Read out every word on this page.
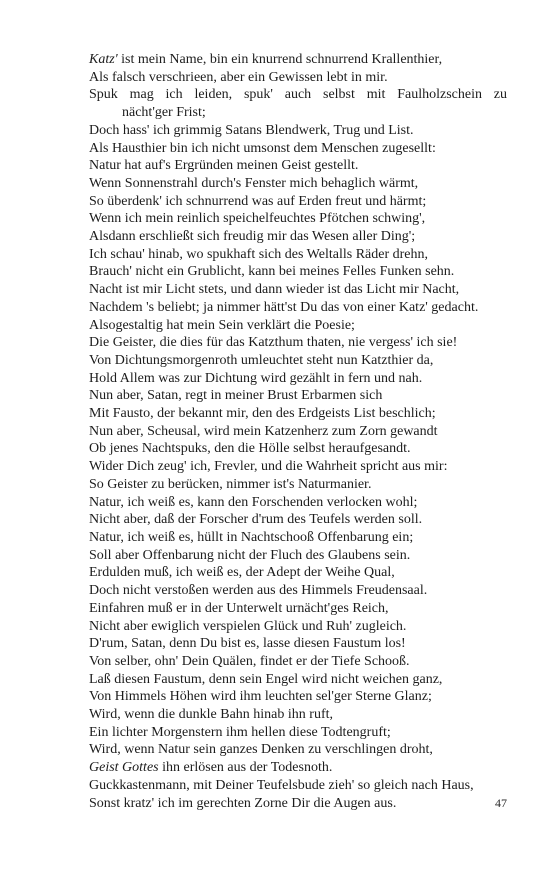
Katz' ist mein Name, bin ein knurrend schnurrend Krallenthier,
Als falsch verschrieen, aber ein Gewissen lebt in mir.
Spuk mag ich leiden, spuk' auch selbst mit Faulholzschein zu
nächt'ger Frist;
Doch hass' ich grimmig Satans Blendwerk, Trug und List.
Als Hausthier bin ich nicht umsonst dem Menschen zugesellt:
Natur hat auf's Ergründen meinen Geist gestellt.
Wenn Sonnenstrahl durch's Fenster mich behaglich wärmt,
So überdenk' ich schnurrend was auf Erden freut und härmt;
Wenn ich mein reinlich speichelfeuchtes Pfötchen schwing',
Alsdann erschließt sich freudig mir das Wesen aller Ding';
Ich schau' hinab, wo spukhaft sich des Weltalls Räder drehn,
Brauch' nicht ein Grublicht, kann bei meines Felles Funken sehn.
Nacht ist mir Licht stets, und dann wieder ist das Licht mir Nacht,
Nachdem 's beliebt; ja nimmer hätt'st Du das von einer Katz' gedacht.
Alsogestaltig hat mein Sein verklärt die Poesie;
Die Geister, die dies für das Katzthum thaten, nie vergess' ich sie!
Von Dichtungsmorgenroth umleuchtet steht nun Katzthier da,
Hold Allem was zur Dichtung wird gezählt in fern und nah.
Nun aber, Satan, regt in meiner Brust Erbarmen sich
Mit Fausto, der bekannt mir, den des Erdgeists List beschlich;
Nun aber, Scheusal, wird mein Katzenherz zum Zorn gewandt
Ob jenes Nachtspuks, den die Hölle selbst heraufgesandt.
Wider Dich zeug' ich, Frevler, und die Wahrheit spricht aus mir:
So Geister zu berücken, nimmer ist's Naturmanier.
Natur, ich weiß es, kann den Forschenden verlocken wohl;
Nicht aber, daß der Forscher d'rum des Teufels werden soll.
Natur, ich weiß es, hüllt in Nachtschooß Offenbarung ein;
Soll aber Offenbarung nicht der Fluch des Glaubens sein.
Erdulden muß, ich weiß es, der Adept der Weihe Qual,
Doch nicht verstoßen werden aus des Himmels Freudensaal.
Einfahren muß er in der Unterwelt urnächt'ges Reich,
Nicht aber ewiglich verspielen Glück und Ruh' zugleich.
D'rum, Satan, denn Du bist es, lasse diesen Faustum los!
Von selber, ohn' Dein Quälen, findet er der Tiefe Schooß.
Laß diesen Faustum, denn sein Engel wird nicht weichen ganz,
Von Himmels Höhen wird ihm leuchten sel'ger Sterne Glanz;
Wird, wenn die dunkle Bahn hinab ihn ruft,
Ein lichter Morgenstern ihm hellen diese Todtengruft;
Wird, wenn Natur sein ganzes Denken zu verschlingen droht,
Geist Gottes ihn erlösen aus der Todesnoth.
Guckkastenmann, mit Deiner Teufelsbude zieh' so gleich nach Haus,
Sonst kratz' ich im gerechten Zorne Dir die Augen aus.	47
